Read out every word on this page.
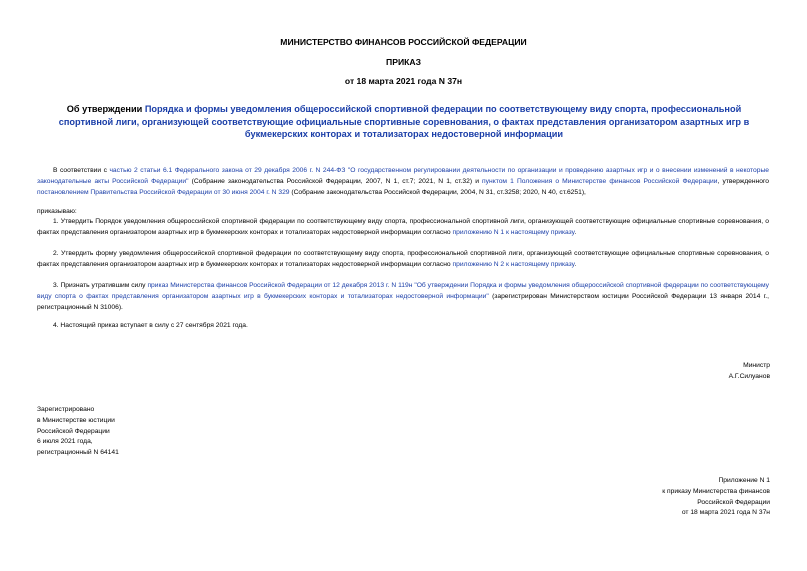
МИНИСТЕРСТВО ФИНАНСОВ РОССИЙСКОЙ ФЕДЕРАЦИИ
ПРИКАЗ
от 18 марта 2021 года N 37н
Об утверждении Порядка и формы уведомления общероссийской спортивной федерации по соответствующему виду спорта, профессиональной спортивной лиги, организующей соответствующие официальные спортивные соревнования, о фактах представления организатором азартных игр в букмекерских конторах и тотализаторах недостоверной информации
В соответствии с частью 2 статьи 6.1 Федерального закона от 29 декабря 2006 г. N 244-ФЗ "О государственном регулировании деятельности по организации и проведению азартных игр и о внесении изменений в некоторые законодательные акты Российской Федерации" (Собрание законодательства Российской Федерации, 2007, N 1, ст.7; 2021, N 1, ст.32) и пунктом 1 Положения о Министерстве финансов Российской Федерации, утвержденного постановлением Правительства Российской Федерации от 30 июня 2004 г. N 329 (Собрание законодательства Российской Федерации, 2004, N 31, ст.3258; 2020, N 40, ст.6251),
приказываю:
1. Утвердить Порядок уведомления общероссийской спортивной федерации по соответствующему виду спорта, профессиональной спортивной лиги, организующей соответствующие официальные спортивные соревнования, о фактах представления организатором азартных игр в букмекерских конторах и тотализаторах недостоверной информации согласно приложению N 1 к настоящему приказу.
2. Утвердить форму уведомления общероссийской спортивной федерации по соответствующему виду спорта, профессиональной спортивной лиги, организующей соответствующие официальные спортивные соревнования, о фактах представления организатором азартных игр в букмекерских конторах и тотализаторах недостоверной информации согласно приложению N 2 к настоящему приказу.
3. Признать утратившим силу приказ Министерства финансов Российской Федерации от 12 декабря 2013 г. N 119н "Об утверждении Порядка и формы уведомления общероссийской спортивной федерации по соответствующему виду спорта о фактах представления организатором азартных игр в букмекерских конторах и тотализаторах недостоверной информации" (зарегистрирован Министерством юстиции Российской Федерации 13 января 2014 г., регистрационный N 31006).
4. Настоящий приказ вступает в силу с 27 сентября 2021 года.
Министр
А.Г.Силуанов
Зарегистрировано
в Министерстве юстиции
Российской Федерации
6 июля 2021 года,
регистрационный N 64141
Приложение N 1
к приказу Министерства финансов
Российской Федерации
от 18 марта 2021 года N 37н
